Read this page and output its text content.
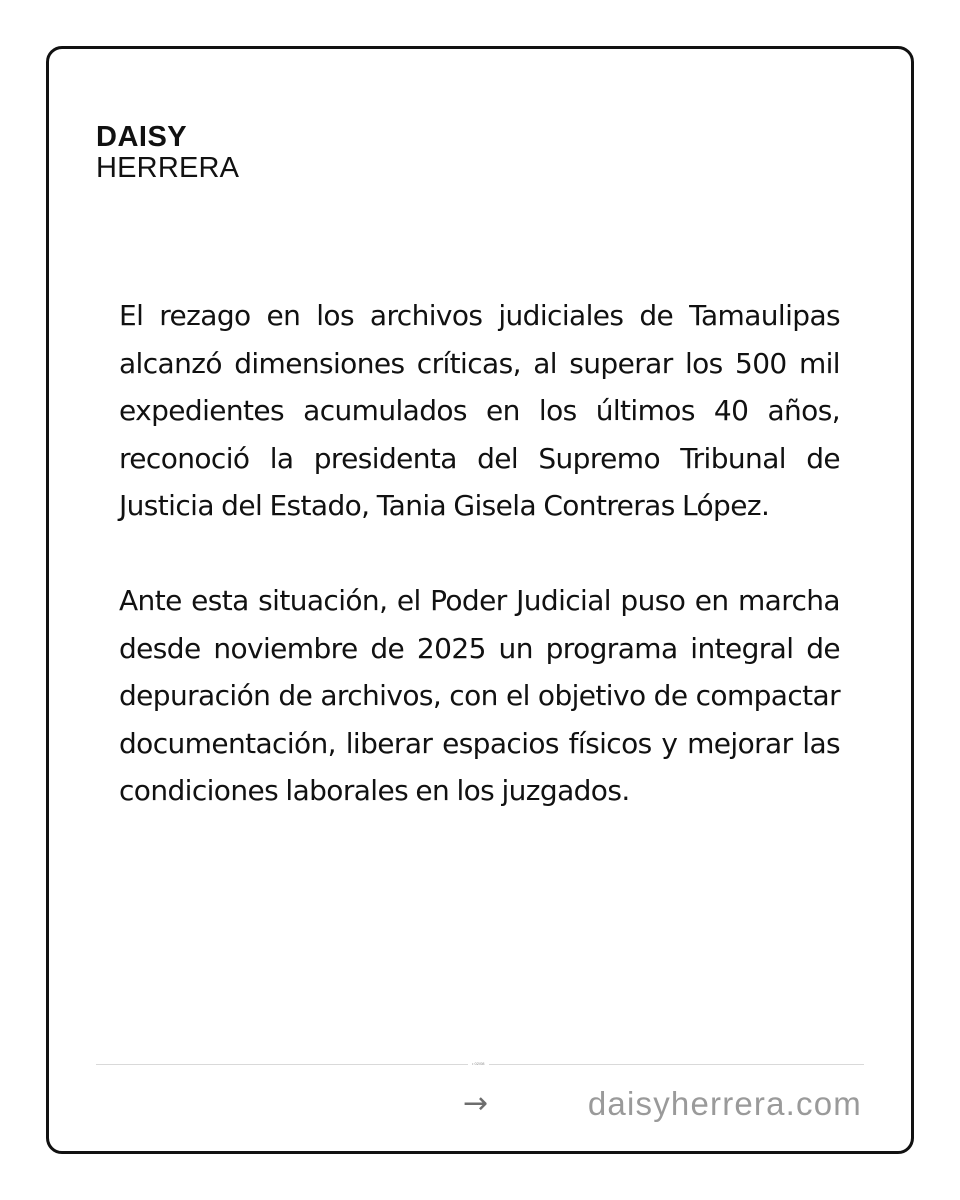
DAISY
HERRERA

El rezago en los archivos judiciales de Tamaulipas alcanzó dimensiones críticas, al superar los 500 mil expedientes acumulados en los últimos 40 años, reconoció la presidenta del Supremo Tribunal de Justicia del Estado, Tania Gisela Contreras López.

Ante esta situación, el Poder Judicial puso en marcha desde noviembre de 2025 un programa integral de depuración de archivos, con el objetivo de compactar documentación, liberar espacios físicos y mejorar las condiciones laborales en los juzgados.

• 02/08
→	daisyherrera.com
